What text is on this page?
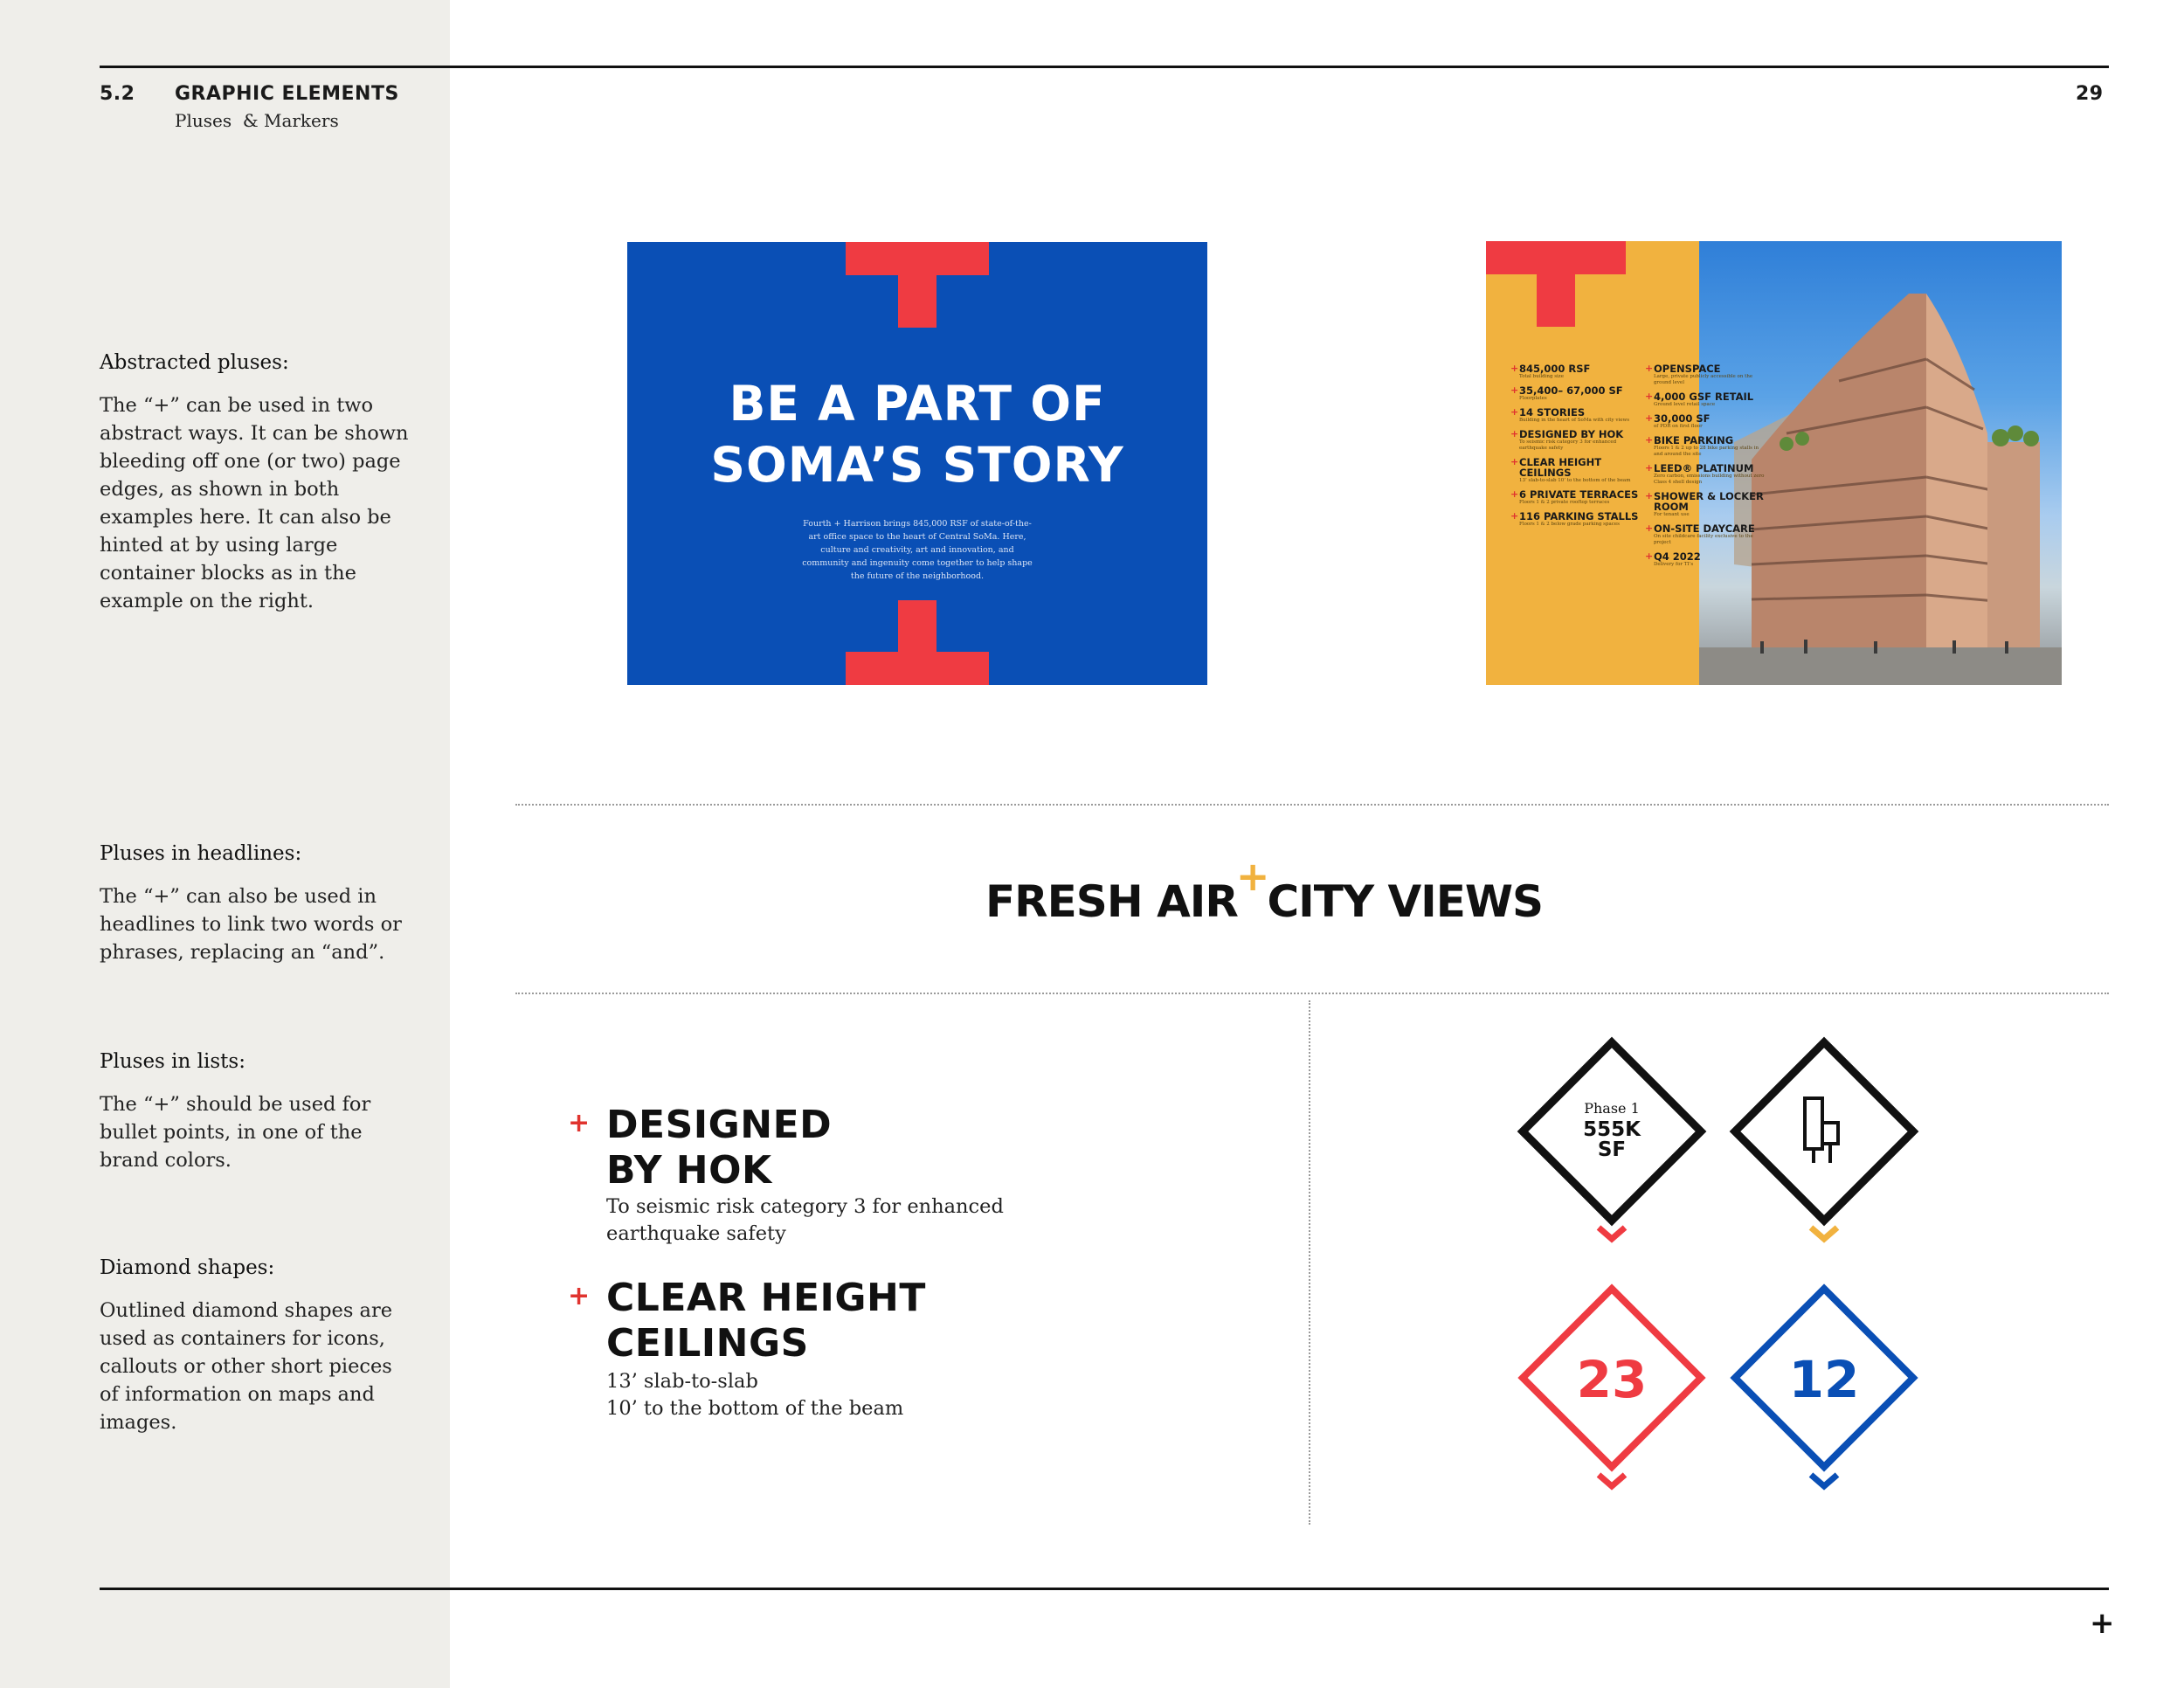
5.2 GRAPHIC ELEMENTS
Pluses  & Markers
29
Abstracted pluses:
The “+” can be used in two abstract ways. It can be shown bleeding off one (or two) page edges, as shown in both examples here. It can also be hinted at by using large container blocks as in the example on the right.
Pluses in headlines:
The “+” can also be used in headlines to link two words or phrases, replacing an “and”.
Pluses in lists:
The “+” should be used for bullet points, in one of the brand colors.
Diamond shapes:
Outlined diamond shapes are used as containers for icons, callouts or other short pieces of information on maps and images.
BE A PART OF
SOMA’S STORY
Fourth + Harrison brings 845,000 RSF of state-of-the-art office space to the heart of Central SoMa. Here, culture and creativity, art and innovation, and community and ingenuity come together to help shape the future of the neighborhood.
+ 845,000 RSF
Total building size
+ 35,400– 67,000 SF
Floorplates
+ 14 STORIES
Building in the heart of SoMa with city views
+ DESIGNED BY HOK
To seismic risk category 3 for enhanced earthquake safety
+ CLEAR HEIGHT CEILINGS
13’ slab-to-slab 10’ to the bottom of the beam
+ 6 PRIVATE TERRACES
Floors 1 & 2 private rooftop terraces
+ 116 PARKING STALLS
Floors 1 & 2 below grade parking spaces
+ OPENSPACE
Large, private publicly accessible on the ground level
+ 4,000 GSF RETAIL
Ground level retail space
+ 30,000 SF
of PDR on first floor
+ BIKE PARKING
Floors 1 & 2 up to 28 bike parking stalls in and around the site
+ LEED® PLATINUM
Zero carbon, emissions building without zero Class 4 shell design
+ SHOWER & LOCKER ROOM
For tenant use
+ ON-SITE DAYCARE
On site childcare facility exclusive to the project
+ Q4 2022
Delivery for TI’s
FRESH AIR+CITY VIEWS
+ DESIGNED
BY HOK
To seismic risk category 3 for enhanced
earthquake safety
+ CLEAR HEIGHT
CEILINGS
13’ slab-to-slab
10’ to the bottom of the beam
Phase 1
555K
SF
23	12
+
